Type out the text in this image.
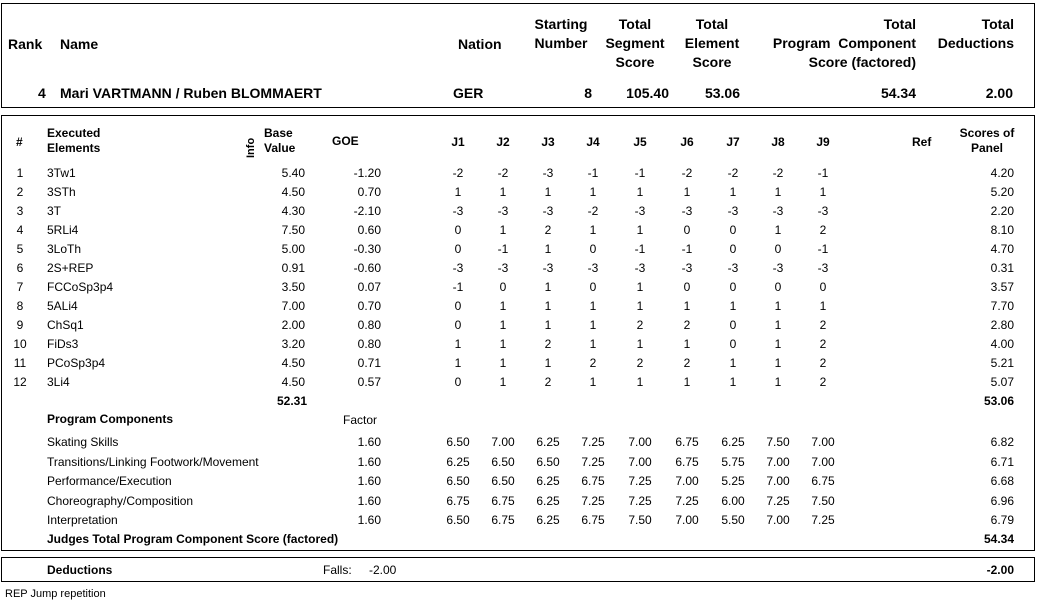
Rank Name	Nation
Starting
Number
Total
Segment
Score
Total
Element
Score
Total
Program  Component
Score (factored)
Total
Deductions
4 Mari VARTMANN / Ruben BLOMMAERT	GER	8	105.40	53.06	54.34	2.00
#
Executed
Elements	Info
Base
Value	GOE	J1	J2	J3	J4	J5	J6	J7	J8	J9	Ref
Scores of
Panel
1	3Tw1	5.40	-1.20	-2	-2	-3	-1	-1	-2	-2	-2	-1	4.20
2	3STh	4.50	0.70	1	1	1	1	1	1	1	1	1	5.20
3	3T	4.30	-2.10	-3	-3	-3	-2	-3	-3	-3	-3	-3	2.20
4	5RLi4	7.50	0.60	0	1	2	1	1	0	0	1	2	8.10
5	3LoTh	5.00	-0.30	0	-1	1	0	-1	-1	0	0	-1	4.70
6	2S+REP	0.91	-0.60	-3	-3	-3	-3	-3	-3	-3	-3	-3	0.31
7	FCCoSp3p4	3.50	0.07	-1	0	1	0	1	0	0	0	0	3.57
8	5ALi4	7.00	0.70	0	1	1	1	1	1	1	1	1	7.70
9	ChSq1	2.00	0.80	0	1	1	1	2	2	0	1	2	2.80
10 FiDs3	3.20	0.80	1	1	2	1	1	1	0	1	2	4.00
11	PCoSp3p4	4.50	0.71	1	1	1	2	2	2	1	1	2	5.21
12 3Li4	4.50	0.57	0	1	2	1	1	1	1	1	2	5.07
52.31	53.06
Program Components	Factor
Skating Skills	1.60	6.50	7.00	6.25	7.25	7.00	6.75	6.25	7.50	7.00	6.82
Transitions/Linking Footwork/Movement	1.60	6.25	6.50	6.50	7.25	7.00	6.75	5.75	7.00	7.00	6.71
Performance/Execution	1.60	6.50	6.50	6.25	6.75	7.25	7.00	5.25	7.00	6.75	6.68
Choreography/Composition	1.60	6.75	6.75	6.25	7.25	7.25	7.25	6.00	7.25	7.50	6.96
Interpretation	1.60	6.50	6.75	6.25	6.75	7.50	7.00	5.50	7.00	7.25	6.79
Judges Total Program Component Score (factored)	54.34
Deductions	Falls: -2.00	-2.00
REP Jump repetition
